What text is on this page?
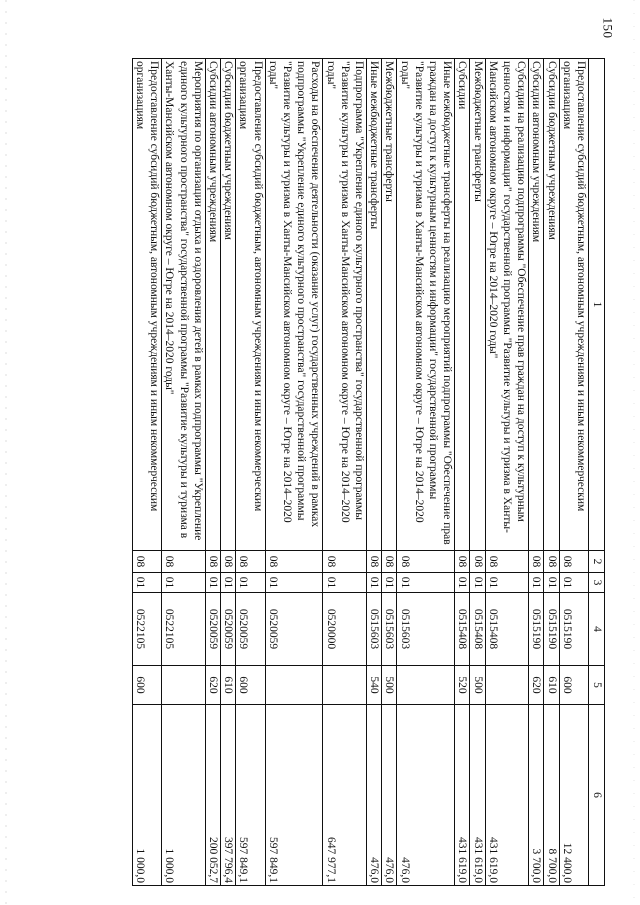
150
1	2	3	4	5	6
Предоставление субсидий бюджетным, автономным учреждениям и иным некоммерческим организациям	08	01	0515190	600	12 400,0
Субсидии бюджетным учреждениям	08	01	0515190	610	8 700,0
Субсидии автономным учреждениям	08	01	0515190	620	3 700,0
Субсидии на реализацию подпрограммы "Обеспечение прав граждан на доступ к культурным ценностям и информации" государственной программы "Развитие культуры и туризма в Ханты-Мансийском автономном округе – Югре на 2014–2020 годы"	08	01	0515408		431 619,0
Межбюджетные трансферты	08	01	0515408	500	431 619,0
Субсидии	08	01	0515408	520	431 619,0
Иные межбюджетные трансферты на реализацию мероприятий подпрограммы "Обеспечение прав граждан на доступ к культурным ценностям и информации" государственной программы "Развитие культуры и туризма в Ханты-Мансийском автономном округе – Югре на 2014–2020 годы"	08	01	0515603		476,0
Межбюджетные трансферты	08	01	0515603	500	476,0
Иные межбюджетные трансферты	08	01	0515603	540	476,0
Подпрограмма "Укрепление единого культурного пространства" государственной программы "Развитие культуры и туризма в Ханты-Мансийском автономном округе – Югре на 2014–2020 годы"	08	01	0520000		647 977,1
Расходы на обеспечение деятельности (оказание услуг) государственных учреждений в рамках подпрограммы "Укрепление единого культурного пространства" государственной программы "Развитие культуры и туризма в Ханты-Мансийском автономном округе – Югре на 2014–2020 годы"	08	01	0520059		597 849,1
Предоставление субсидий бюджетным, автономным учреждениям и иным некоммерческим организациям	08	01	0520059	600	597 849,1
Субсидии бюджетным учреждениям	08	01	0520059	610	397 796,4
Субсидии автономным учреждениям	08	01	0520059	620	200 052,7
Мероприятия по организации отдыха и оздоровления детей в рамках подпрограммы "Укрепление единого культурного пространства" государственной программы "Развитие культуры и туризма в Ханты-Мансийском автономном округе – Югре на 2014–2020 годы"	08	01	0522105		1 000,0
Предоставление субсидий бюджетным, автономным учреждениям и иным некоммерческим организациям	08	01	0522105	600	1 000,0
